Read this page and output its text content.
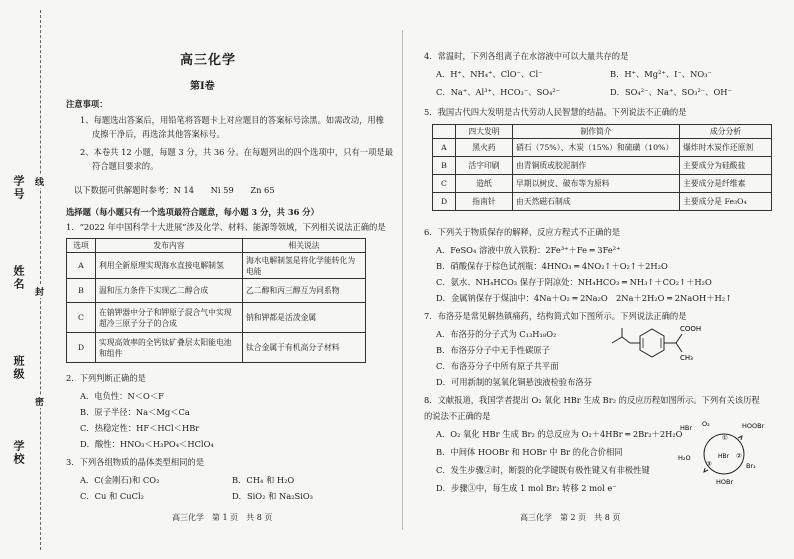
学号
姓名
班级
学校
线
封
密
高三化学
第Ⅰ卷
注意事项：
1、每题选出答案后，用铅笔将答题卡上对应题目的答案标号涂黑。如需改动，用橡
皮擦干净后，再选涂其他答案标号。
2、本卷共 12 小题，每题 3 分，共 36 分。在每题列出的四个选项中，只有一项是最
符合题目要求的。
以下数据可供解题时参考：N 14　　Ni 59　　Zn 65
选择题（每小题只有一个选项最符合题意，每小题 3 分，共 36 分）
1．“2022 年中国科学十大进展”涉及化学、材料、能源等领域，下列相关说法正确的是
选项	发布内容	相关说法
A	利用全新原理实现海水直接电解制氢	海水电解制氢是将化学能转化为电能
B	温和压力条件下实现乙二醇合成	乙二醇和丙三醇互为同系物
C	在钠钾器中分子和钾原子混合气中实现超冷三原子分子的合成	钠和钾都是活泼金属
D	实现高效率的全钙钛矿叠层太阳能电池和组件	钛合金属于有机高分子材料
2．下列判断正确的是
A．电负性：N＜O＜F
B．原子半径：Na＜Mg＜Ca
C．热稳定性：HF＜HCl＜HBr
D．酸性：HNO₃＜H₃PO₄＜HClO₄
3．下列各组物质的晶体类型相同的是
A．C(金刚石)和 CO₂	B．CH₄ 和 H₂O
C．Cu 和 CuCl₂	D．SiO₂ 和 Na₂SiO₃
高三化学　第 1 页　共 8 页
4．常温时，下列各组离子在水溶液中可以大量共存的是
A．H⁺、NH₄⁺、ClO⁻、Cl⁻	B．H⁺、Mg²⁺、I⁻、NO₃⁻
C．Na⁺、Al³⁺、HCO₃⁻、SO₄²⁻	D．SO₄²⁻、Na⁺、SO₃²⁻、OH⁻
5．我国古代四大发明是古代劳动人民智慧的结晶。下列说法不正确的是
	四大发明	制作简介	成分分析
A	黑火药	硝石（75%）、木炭（15%）和硫磺（10%）	爆炸时木炭作还原剂
B	活字印刷	由青铜质或胶泥制作	主要成分为硅酸盐
C	造纸	早期以树皮、破布等为原料	主要成分是纤维素
D	指南针	由天然磁石制成	主要成分是 Fe₃O₄
6．下列关于物质保存的解释，反应方程式不正确的是
A．FeSO₄ 溶液中放入铁粉：2Fe³⁺＋Fe ═ 3Fe²⁺
B．硝酸保存于棕色试剂瓶：4HNO₃ ═ 4NO₂↑＋O₂↑＋2H₂O
C．氨水、NH₄HCO₃ 保存于阴凉处：NH₄HCO₃ ═ NH₃↑＋CO₂↑＋H₂O
D．金属钠保存于煤油中：4Na＋O₂ ═ 2Na₂O　2Na＋2H₂O ═ 2NaOH＋H₂↑
7．布洛芬是常见解热镇痛药，结构简式如下图所示。下列说法正确的是
A．布洛芬的分子式为 C₁₃H₁₈O₂
B．布洛芬分子中无手性碳原子
C．布洛芬分子中所有原子共平面
D．可用新制的氢氧化铜悬浊液检验布洛芬
COOH
CH₃
8．文献报道，我国学者提出 O₂ 氧化 HBr 生成 Br₂ 的反应历程如图所示。下列有关该历程
的说法不正确的是
A．O₂ 氧化 HBr 生成 Br₂ 的总反应为 O₂＋4HBr ═ 2Br₂＋2H₂O
B．中间体 HOOBr 和 HOBr 中 Br 的化合价相同
C．发生步骤②时，断裂的化学键既有极性键又有非极性键
D．步骤③中，每生成 1 mol Br₂ 转移 2 mol e⁻
HBr O₂	HOOBr
H₂O	HBr
Br₂
HOBr
①
②
③
高三化学　第 2 页　共 8 页
